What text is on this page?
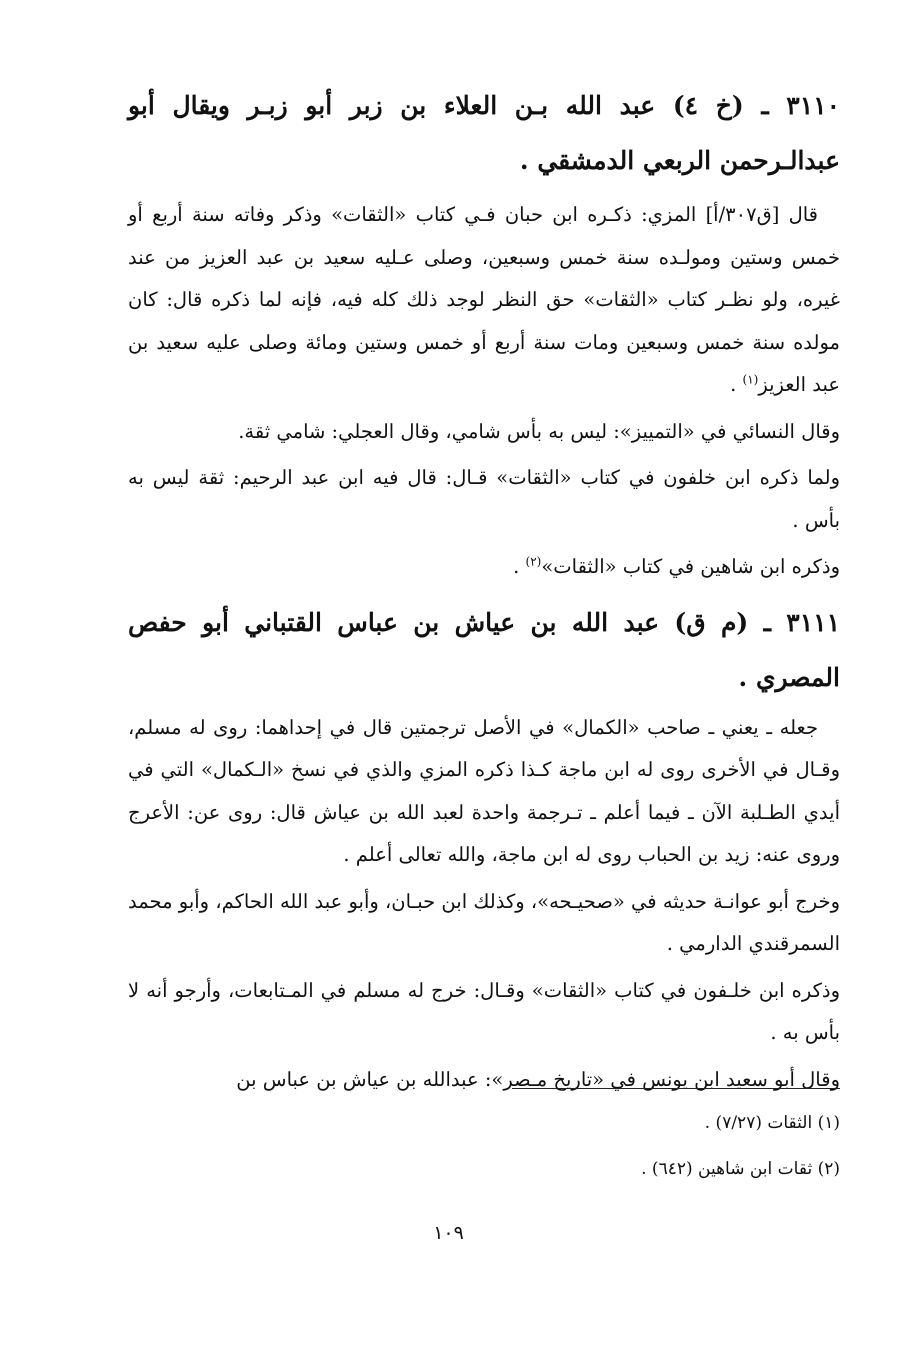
٣١١٠ ـ (خ ٤) عبد الله بـن العلاء بن زبر أبو زبـر ويقال أبو عبدالـرحمن الربعي الدمشقي .

قال [ق٣٠٧/أ] المزي: ذكـره ابن حبان فـي كتاب «الثقات» وذكر وفاته سنة أربع أو خمس وستين ومولـده سنة خمس وسبعين، وصلى عـليه سعيد بن عبد العزيز من عند غيره، ولو نظـر كتاب «الثقات» حق النظر لوجد ذلك كله فيه، فإنه لما ذكره قال: كان مولده سنة خمس وسبعين ومات سنة أربع أو خمس وستين ومائة وصلى عليه سعيد بن عبد العزيز$^{(١)}$ .

وقال النسائي في «التمييز»: ليس به بأس شامي، وقال العجلي: شامي ثقة.

ولما ذكره ابن خلفون في كتاب «الثقات» قـال: قال فيه ابن عبد الرحيم: ثقة ليس به بأس .

وذكره ابن شاهين في كتاب «الثقات»$^{(٢)}$ .

٣١١١ ـ (م ق) عبد الله بن عياش بن عباس القتباني أبو حفص المصري .

جعله ـ يعني ـ صاحب «الكمال» في الأصل ترجمتين قال في إحداهما: روى له مسلم، وقـال في الأخرى روى له ابن ماجة كـذا ذكره المزي والذي في نسخ «الـكمال» التي في أيدي الطـلبة الآن ـ فيما أعلم ـ تـرجمة واحدة لعبد الله بن عياش قال: روى عن: الأعرج وروى عنه: زيد بن الحباب روى له ابن ماجة، والله تعالى أعلم .

وخرج أبو عوانـة حديثه في «صحيـحه»، وكذلك ابن حبـان، وأبو عبد الله الحاكم، وأبو محمد السمرقندي الدارمي .

وذكره ابن خلـفون في كتاب «الثقات» وقـال: خرج له مسلم في المـتابعات، وأرجو أنه لا بأس به .

وقال أبو سعيد ابن يونس في «تاريخ مـصر»: عبدالله بن عياش بن عباس بن

(١) الثقات (٧/٢٧) .

(٢) ثقات ابن شاهين (٦٤٢) .

١٠٩
